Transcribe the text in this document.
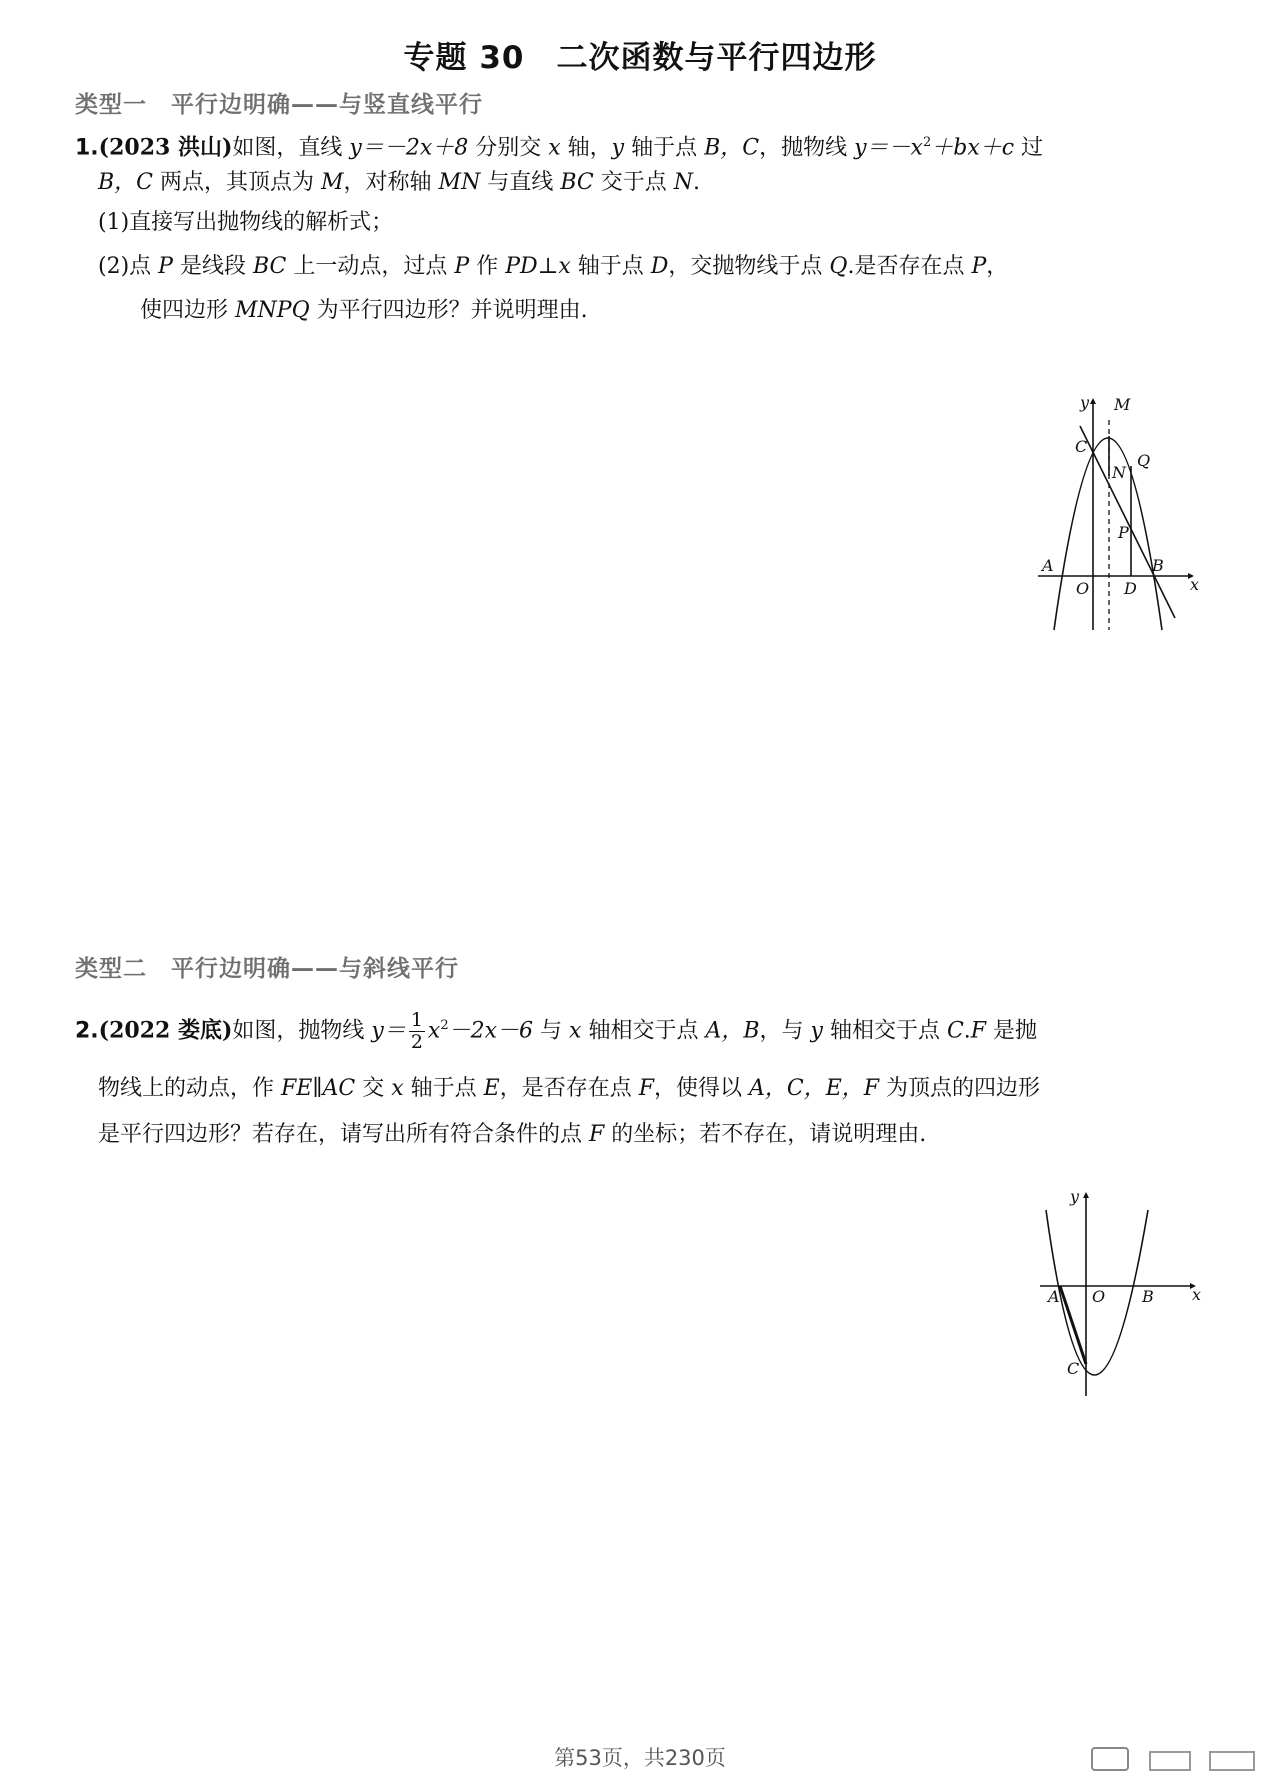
专题 30　二次函数与平行四边形
类型一　平行边明确——与竖直线平行
1.(2023 洪山)如图，直线 y＝－2x＋8 分别交 x 轴，y 轴于点 B，C，抛物线 $y=-x^2+bx+c$ 过
B，C 两点，其顶点为 M，对称轴 MN 与直线 BC 交于点 N.
(1)直接写出抛物线的解析式；
(2)点 P 是线段 BC 上一动点，过点 P 作 PD⊥x 轴于点 D，交抛物线于点 Q.是否存在点 P，
使四边形 MNPQ 为平行四边形？并说明理由.
y M
C
Q
N
P
A	B
O D	x
类型二　平行边明确——与斜线平行
2.(2022 娄底)如图，抛物线 $y= \frac{1}{2} x^2-2x-6$ 与 x 轴相交于点 A，B，与 y 轴相交于点 C.F 是抛
物线上的动点，作 FE∥AC 交 x 轴于点 E，是否存在点 F，使得以 A，C，E，F 为顶点的四边形
是平行四边形？若存在，请写出所有符合条件的点 F 的坐标；若不存在，请说明理由.
y
A O B x
C
第53页，共230页
